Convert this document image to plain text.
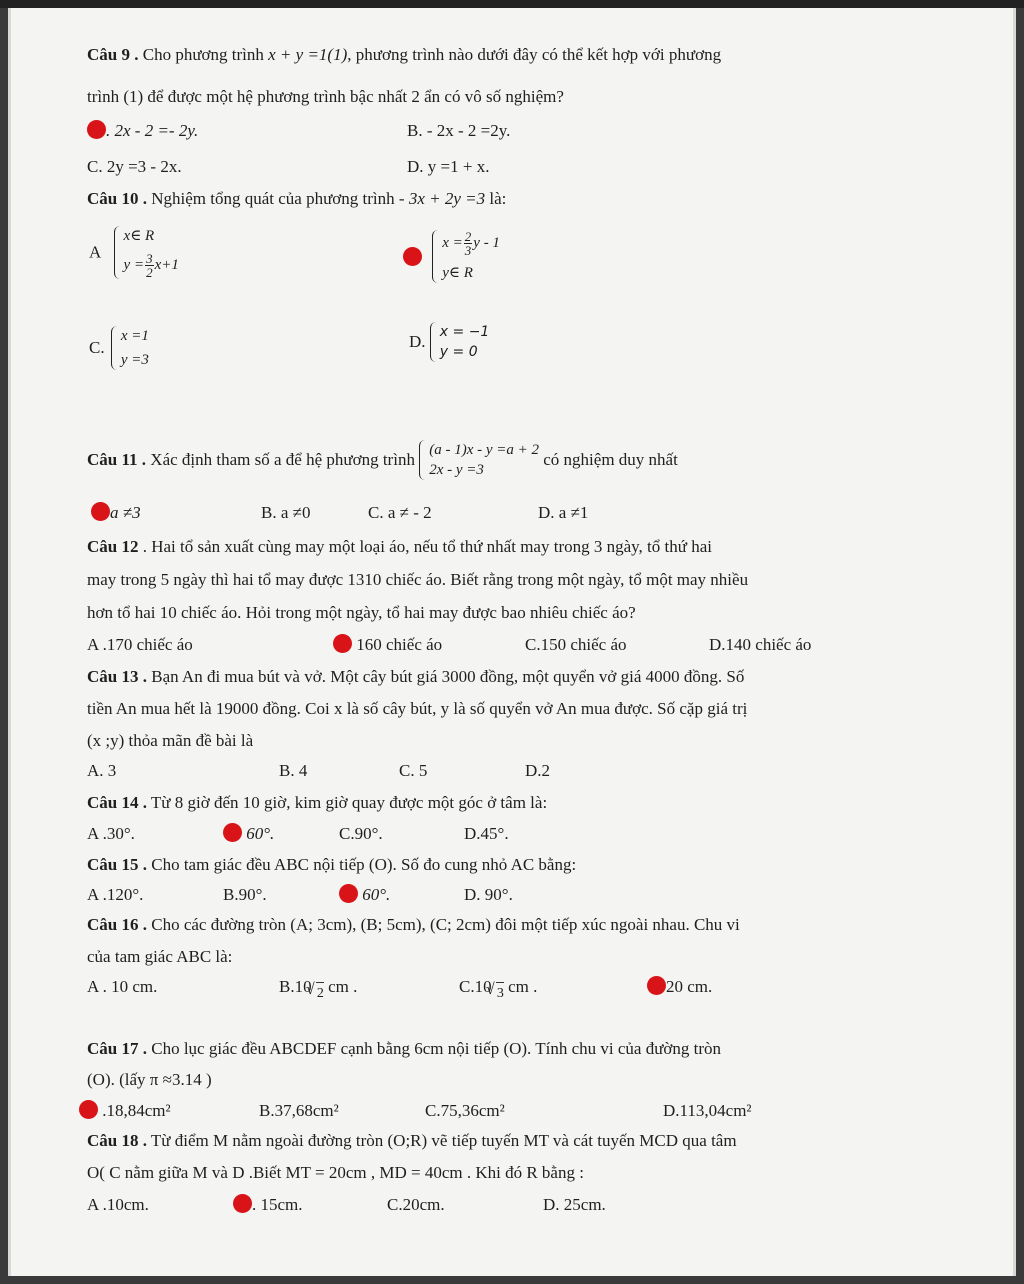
Câu 9 . Cho phương trình x + y =1(1), phương trình nào dưới đây có thể kết hợp với phương
trình (1) để được một hệ phương trình bậc nhất 2 ẩn có vô số nghiệm?
. 2x - 2 =- 2y.	B. - 2x - 2 =2y.
C. 2y =3 - 2x.	D. y =1 + x.
Câu 10 . Nghiệm tổng quát của phương trình - 3x + 2y =3 là:
A
x∈ R
$y = \frac{3}{2} x+1$

$x = \frac{2}{3}$ y - 1
y∈ R
C.
x =1
y =3
D.	x = −1
y = 0
Câu 11 . Xác định tham số a để hệ phương trình (a - 1)x - y =a + 2
2x - y =3
có nghiệm duy nhất
a ≠3	B. a ≠0	C. a ≠ - 2	D. a ≠1
Câu 12 . Hai tổ sản xuất cùng may một loại áo, nếu tổ thứ nhất may trong 3 ngày, tổ thứ hai
may trong 5 ngày thì hai tổ may được 1310 chiếc áo. Biết rằng trong một ngày, tổ một may nhiều
hơn tổ hai 10 chiếc áo. Hỏi trong một ngày, tổ hai may được bao nhiêu chiếc áo?
A .170 chiếc áo	160 chiếc áo	C.150 chiếc áo	D.140 chiếc áo
Câu 13 . Bạn An đi mua bút và vở. Một cây bút giá 3000 đồng, một quyển vở giá 4000 đồng. Số
tiền An mua hết là 19000 đồng. Coi x là số cây bút, y là số quyển vở An mua được. Số cặp giá trị
(x ;y) thỏa mãn đề bài là
A. 3	B. 4	C. 5	D.2
Câu 14 . Từ 8 giờ đến 10 giờ, kim giờ quay được một góc ở tâm là:
A .30°.	60°.	C.90°.	D.45°.
Câu 15 . Cho tam giác đều ABC nội tiếp (O). Số đo cung nhỏ AC bằng:
A .120°.	B.90°.	60°.	D. 90°.
Câu 16 . Cho các đường tròn (A; 3cm), (B; 5cm), (C; 2cm) đôi một tiếp xúc ngoài nhau. Chu vi
của tam giác ABC là:
A . 10 cm.	B.10 √ 2 cm .	C.10 √ 3 cm .	20 cm.
Câu 17 . Cho lục giác đều ABCDEF cạnh bằng 6cm nội tiếp (O). Tính chu vi của đường tròn
(O). (lấy π ≈3.14 )
.18,84cm²	B.37,68cm²	C.75,36cm²	D.113,04cm²
Câu 18 . Từ điểm M nằm ngoài đường tròn (O;R) vẽ tiếp tuyến MT và cát tuyến MCD qua tâm
O( C nằm giữa M và D .Biết MT = 20cm , MD = 40cm . Khi đó R bằng :
A .10cm.	. 15cm.	C.20cm.	D. 25cm.
